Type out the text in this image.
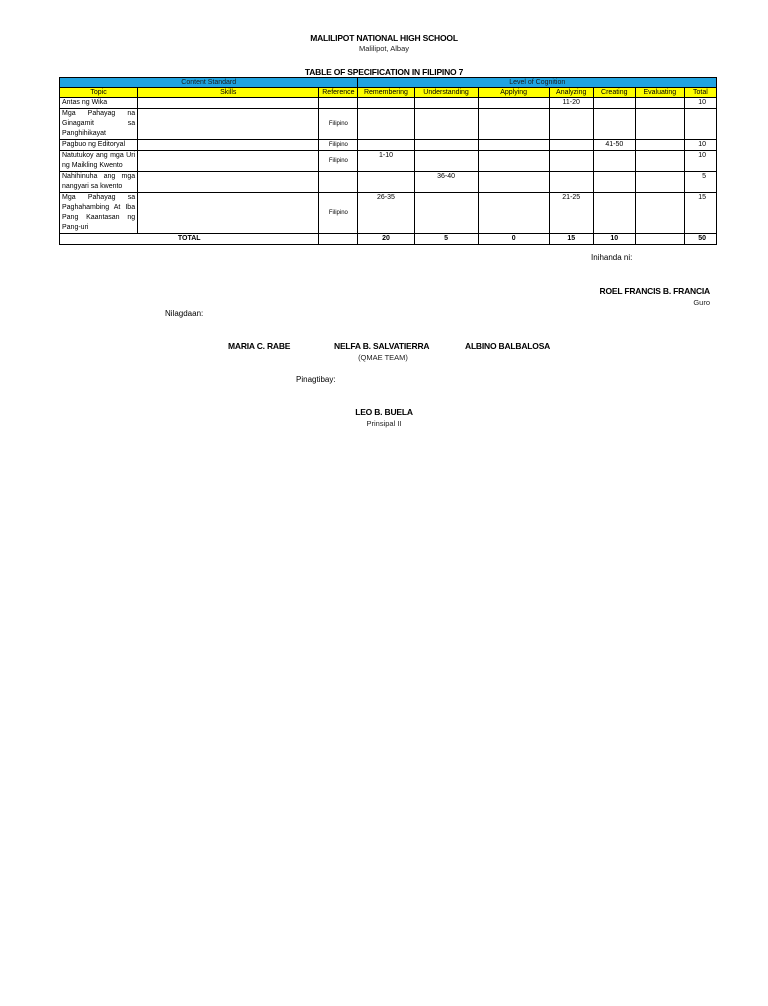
MALILIPOT NATIONAL HIGH SCHOOL
Malilipot, Albay
TABLE OF SPECIFICATION IN FILIPINO 7
Content Standard			Level of Cognition						
Topic	Skills	Reference	Remembering	Understanding	Applying	Analyzing	Creating	Evaluating	Total
Antas ng Wika						11-20			10
Mga Pahayag na Ginagamit sa Panghihikayat		Filipino							
Pagbuo ng Editoryal		Filipino					41-50		10
Natutukoy ang mga Uri ng Maikling Kwento		Filipino	1-10						10
Nahihinuha ang mga nangyari sa kwento				36-40					5
Mga Pahayag sa Paghahambing At Iba Pang Kaantasan ng Pang-uri		Filipino	26-35			21-25			15
TOTAL			20	5	0	15	10		50
Inihanda ni:
ROEL FRANCIS B. FRANCIA
Guro
Nilagdaan:
MARIA C. RABE	NELFA B. SALVATIERRA	ALBINO BALBALOSA
(QMAE TEAM)
Pinagtibay:
LEO B. BUELA
Prinsipal II
